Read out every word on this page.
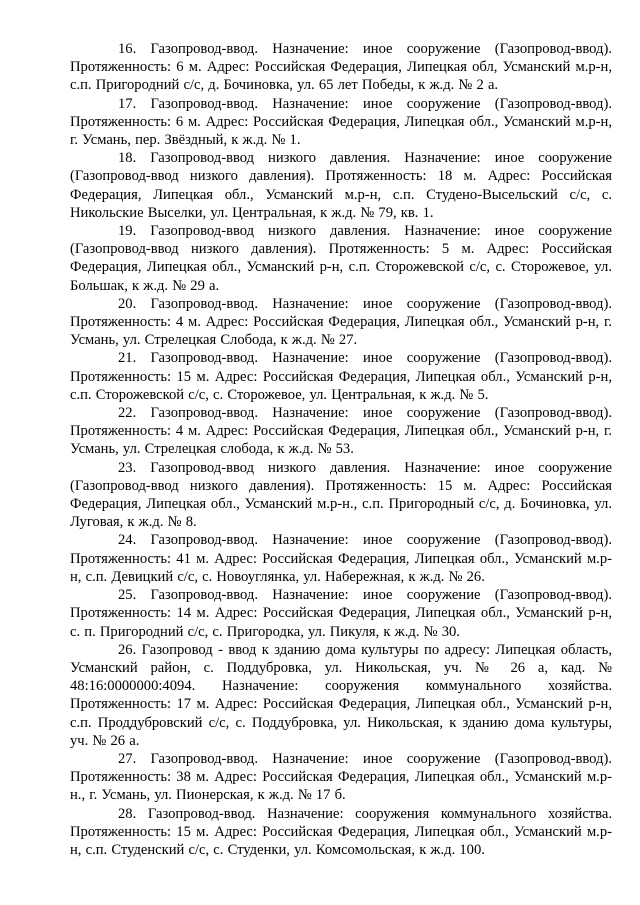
16. Газопровод-ввод. Назначение: иное сооружение (Газопровод-ввод). Протяженность: 6 м. Адрес: Российская Федерация, Липецкая обл, Усманский м.р-н, с.п. Пригородний с/с, д. Бочиновка, ул. 65 лет Победы, к ж.д. № 2 а.

17. Газопровод-ввод. Назначение: иное сооружение (Газопровод-ввод). Протяженность: 6 м. Адрес: Российская Федерация, Липецкая обл., Усманский м.р-н, г. Усмань, пер. Звёздный, к ж.д. № 1.

18. Газопровод-ввод низкого давления. Назначение: иное сооружение (Газопровод-ввод низкого давления). Протяженность: 18 м. Адрес: Российская Федерация, Липецкая обл., Усманский м.р-н, с.п. Студено-Высельский с/с, с. Никольские Выселки, ул. Центральная, к ж.д. № 79, кв. 1.

19. Газопровод-ввод низкого давления. Назначение: иное сооружение (Газопровод-ввод низкого давления). Протяженность: 5 м. Адрес: Российская Федерация, Липецкая обл., Усманский р-н, с.п. Сторожевской с/с, с. Сторожевое, ул. Большак, к ж.д. № 29 а.

20. Газопровод-ввод. Назначение: иное сооружение (Газопровод-ввод). Протяженность: 4 м. Адрес: Российская Федерация, Липецкая обл., Усманский р-н, г. Усмань, ул. Стрелецкая Слобода, к ж.д. № 27.

21. Газопровод-ввод. Назначение: иное сооружение (Газопровод-ввод). Протяженность: 15 м. Адрес: Российская Федерация, Липецкая обл., Усманский р-н, с.п. Сторожевской с/с, с. Сторожевое, ул. Центральная, к ж.д. № 5.

22. Газопровод-ввод. Назначение: иное сооружение (Газопровод-ввод). Протяженность: 4 м. Адрес: Российская Федерация, Липецкая обл., Усманский р-н, г. Усмань, ул. Стрелецкая слобода, к ж.д. № 53.

23. Газопровод-ввод низкого давления. Назначение: иное сооружение (Газопровод-ввод низкого давления). Протяженность: 15 м. Адрес: Российская Федерация, Липецкая обл., Усманский м.р-н., с.п. Пригородный с/с, д. Бочиновка, ул. Луговая, к ж.д. № 8.

24. Газопровод-ввод. Назначение: иное сооружение (Газопровод-ввод). Протяженность: 41 м. Адрес: Российская Федерация, Липецкая обл., Усманский м.р-н, с.п. Девицкий с/с, с. Новоуглянка, ул. Набережная, к ж.д. № 26.

25. Газопровод-ввод. Назначение: иное сооружение (Газопровод-ввод). Протяженность: 14 м. Адрес: Российская Федерация, Липецкая обл., Усманский р-н, с. п. Пригородний с/с, с. Пригородка, ул. Пикуля, к ж.д. № 30.

26. Газопровод - ввод к зданию дома культуры по адресу: Липецкая область, Усманский район, с. Поддубровка, ул. Никольская, уч. № 26 а, кад. № 48:16:0000000:4094. Назначение: сооружения коммунального хозяйства. Протяженность: 17 м. Адрес: Российская Федерация, Липецкая обл., Усманский р-н, с.п. Проддубровский с/с, с. Поддубровка, ул. Никольская, к зданию дома культуры, уч. № 26 а.

27. Газопровод-ввод. Назначение: иное сооружение (Газопровод-ввод). Протяженность: 38 м. Адрес: Российская Федерация, Липецкая обл., Усманский м.р-н., г. Усмань, ул. Пионерская, к ж.д. № 17 б.

28. Газопровод-ввод. Назначение: сооружения коммунального хозяйства. Протяженность: 15 м. Адрес: Российская Федерация, Липецкая обл., Усманский м.р-н, с.п. Студенский с/с, с. Студенки, ул. Комсомольская, к ж.д. 100.
